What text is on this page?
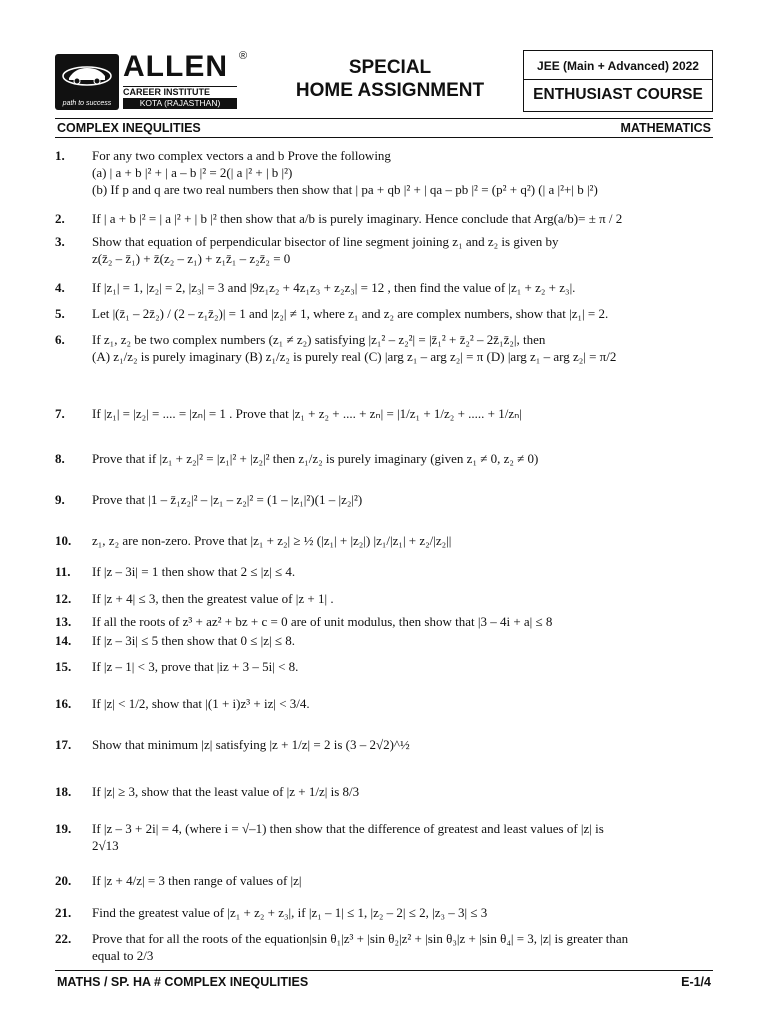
path to success
ALLEN ®
CAREER INSTITUTE
KOTA (RAJASTHAN)
SPECIAL
HOME ASSIGNMENT
JEE (Main + Advanced) 2022
ENTHUSIAST COURSE
COMPLEX INEQULITIES	MATHEMATICS
1. For any two complex vectors a and b Prove the following
(a) | a + b |² + | a – b |² = 2(| a |² + | b |²)
(b) If p and q are two real numbers then show that | pa + qb |² + | qa – pb |² = (p² + q²) (| a |²+| b |²)
2. If | a + b |² = | a |² + | b |² then show that a/b is purely imaginary. Hence conclude that Arg(a/b)= ± π / 2
3. Show that equation of perpendicular bisector of line segment joining z₁ and z₂ is given by
z(z̄₂ – z̄₁) + z̄(z₂ – z₁) + z₁z̄₁ – z₂z̄₂ = 0
4. If |z₁| = 1, |z₂| = 2, |z₃| = 3 and |9z₁z₂ + 4z₁z₃ + z₂z₃| = 12 , then find the value of |z₁ + z₂ + z₃|.
5. Let |(z̄₁ – 2z̄₂) / (2 – z₁z̄₂)| = 1 and |z₂| ≠ 1, where z₁ and z₂ are complex numbers, show that |z₁| = 2.
6. If z₁, z₂ be two complex numbers (z₁ ≠ z₂) satisfying |z₁² – z₂²| = |z̄₁² + z̄₂² – 2z̄₁z̄₂|, then
(A) z₁/z₂ is purely imaginary (B) z₁/z₂ is purely real (C) |arg z₁ – arg z₂| = π (D) |arg z₁ – arg z₂| = π/2
7. If |z₁| = |z₂| = .... = |zₙ| = 1 . Prove that |z₁ + z₂ + .... + zₙ| = |1/z₁ + 1/z₂ + ..... + 1/zₙ|
8. Prove that if |z₁ + z₂|² = |z₁|² + |z₂|² then z₁/z₂ is purely imaginary (given z₁ ≠ 0, z₂ ≠ 0)
9. Prove that |1 – z̄₁z₂|² – |z₁ – z₂|² = (1 – |z₁|²)(1 – |z₂|²)
10. z₁, z₂ are non-zero. Prove that |z₁ + z₂| ≥ ½ (|z₁| + |z₂|) |z₁/|z₁| + z₂/|z₂||
11. If |z – 3i| = 1 then show that 2 ≤ |z| ≤ 4.
12. If |z + 4| ≤ 3, then the greatest value of |z + 1| .
13. If all the roots of z³ + az² + bz + c = 0 are of unit modulus, then show that |3 – 4i + a| ≤ 8
14. If |z – 3i| ≤ 5 then show that 0 ≤ |z| ≤ 8.
15. If |z – 1| < 3, prove that |iz + 3 – 5i| < 8.
16. If |z| < 1/2, show that |(1 + i)z³ + iz| < 3/4.
17. Show that minimum |z| satisfying |z + 1/z| = 2 is (3 – 2√2)^½
18. If |z| ≥ 3, show that the least value of |z + 1/z| is 8/3
19. If |z – 3 + 2i| = 4, (where i = √–1) then show that the difference of greatest and least values of |z| is
2√13
20. If |z + 4/z| = 3 then range of values of |z|
21. Find the greatest value of |z₁ + z₂ + z₃|, if |z₁ – 1| ≤ 1, |z₂ – 2| ≤ 2, |z₃ – 3| ≤ 3
22. Prove that for all the roots of the equation|sin θ₁|z³ + |sin θ₂|z² + |sin θ₃|z + |sin θ₄| = 3, |z| is greater than
equal to 2/3
MATHS / SP. HA # COMPLEX INEQULITIES	E-1/4
